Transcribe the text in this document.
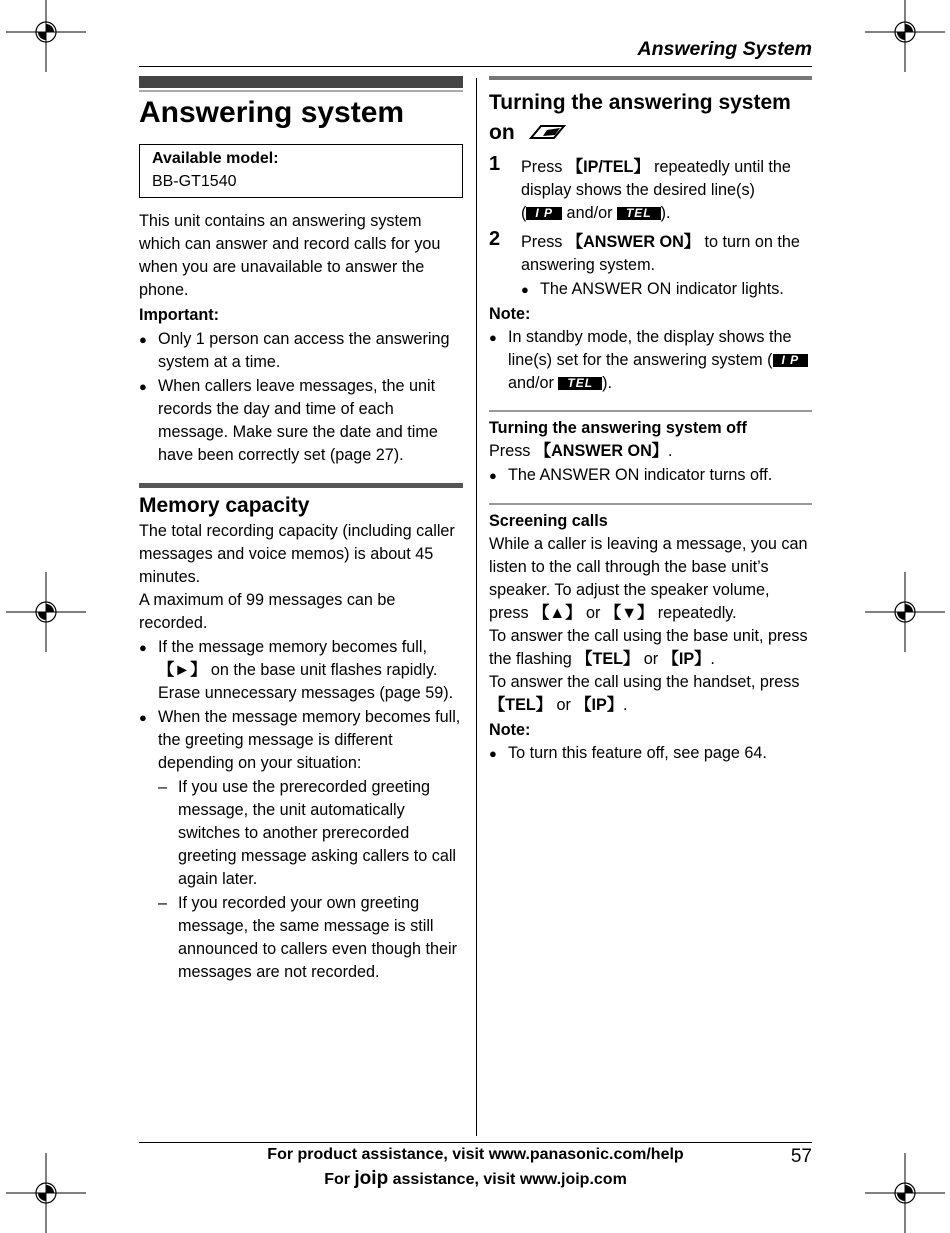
Answering System
Answering system
Available model:
BB-GT1540
This unit contains an answering system which can answer and record calls for you when you are unavailable to answer the phone.
Important:
● Only 1 person can access the answering system at a time.
● When callers leave messages, the unit records the day and time of each message. Make sure the date and time have been correctly set (page 27).
Memory capacity
The total recording capacity (including caller messages and voice memos) is about 45 minutes.
A maximum of 99 messages can be recorded.
● If the message memory becomes full,
【►】 on the base unit flashes rapidly. Erase unnecessary messages (page 59).
● When the message memory becomes full, the greeting message is different depending on your situation:
– If you use the prerecorded greeting message, the unit automatically switches to another prerecorded greeting message asking callers to call again later.
– If you recorded your own greeting message, the same message is still announced to callers even though their messages are not recorded.
Turning the answering system on
1 Press 【IP/TEL】 repeatedly until the display shows the desired line(s)
( I P and/or TEL ).
2 Press 【ANSWER ON】 to turn on the answering system.
● The ANSWER ON indicator lights.
Note:
● In standby mode, the display shows the line(s) set for the answering system ( I P and/or TEL ).
Turning the answering system off
Press 【ANSWER ON】.
● The ANSWER ON indicator turns off.
Screening calls
While a caller is leaving a message, you can listen to the call through the base unit’s speaker. To adjust the speaker volume, press 【▲】 or 【▼】 repeatedly.
To answer the call using the base unit, press the flashing 【TEL】 or 【IP】.
To answer the call using the handset, press 【TEL】 or 【IP】.
Note:
● To turn this feature off, see page 64.
For product assistance, visit www.panasonic.com/help
For joip assistance, visit www.joip.com
57
